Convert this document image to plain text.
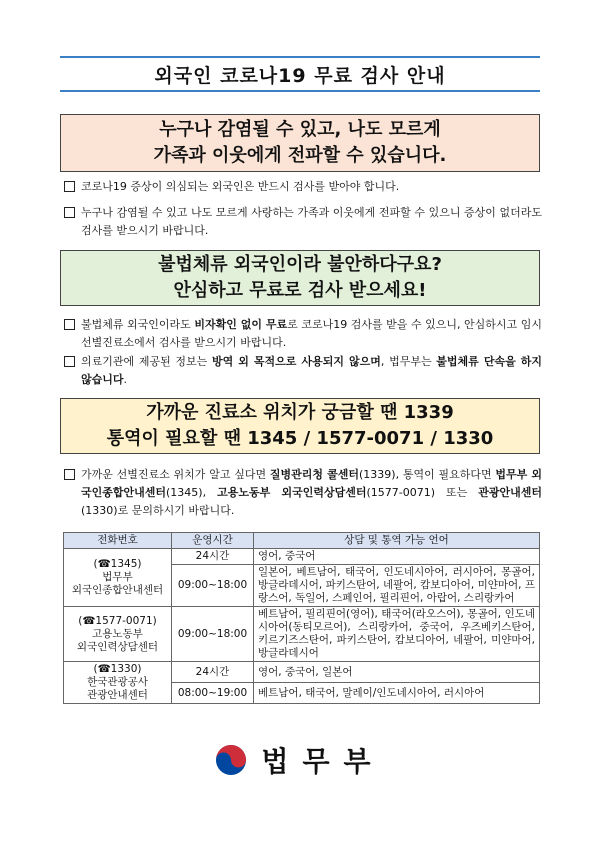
외국인 코로나19 무료 검사 안내
누구나 감염될 수 있고, 나도 모르게
가족과 이웃에게 전파할 수 있습니다.
코로나19 증상이 의심되는 외국인은 반드시 검사를 받아야 합니다.
누구나 감염될 수 있고 나도 모르게 사랑하는 가족과 이웃에게 전파할 수 있으니 증상이 없더라도 검사를 받으시기 바랍니다.
불법체류 외국인이라 불안하다구요?
안심하고 무료로 검사 받으세요!
불법체류 외국인이라도 비자확인 없이 무료로 코로나19 검사를 받을 수 있으니, 안심하시고 임시선별진료소에서 검사를 받으시기 바랍니다.
의료기관에 제공된 정보는 방역 외 목적으로 사용되지 않으며, 법무부는 불법체류 단속을 하지 않습니다.
가까운 진료소 위치가 궁금할 땐 1339
통역이 필요할 땐 1345 / 1577-0071 / 1330
가까운 선별진료소 위치가 알고 싶다면 질병관리청 콜센터(1339), 통역이 필요하다면 법무부 외국인종합안내센터(1345), 고용노동부 외국인력상담센터(1577-0071) 또는 관광안내센터(1330)로 문의하시기 바랍니다.
전화번호	운영시간	상담 및 통역 가능 언어

(☎1345)
법무부
외국인종합안내센터	24시간	영어, 중국어
	09:00~18:00	일본어, 베트남어, 태국어, 인도네시아어, 러시아어, 몽골어, 방글라데시어, 파키스탄어, 네팔어, 캄보디아어, 미얀마어, 프랑스어, 독일어, 스페인어, 필리핀어, 아랍어, 스리랑카어

(☎1577-0071)
고용노동부
외국인력상담센터	09:00~18:00	베트남어, 필리핀어(영어), 태국어(라오스어), 몽골어, 인도네시아어(동티모르어), 스리랑카어, 중국어, 우즈베키스탄어, 키르기즈스탄어, 파키스탄어, 캄보디아어, 네팔어, 미얀마어, 방글라데시어

(☎1330)
한국관광공사
관광안내센터	24시간	영어, 중국어, 일본어
	08:00~19:00	베트남어, 태국어, 말레이/인도네시아어, 러시아어
법무부
